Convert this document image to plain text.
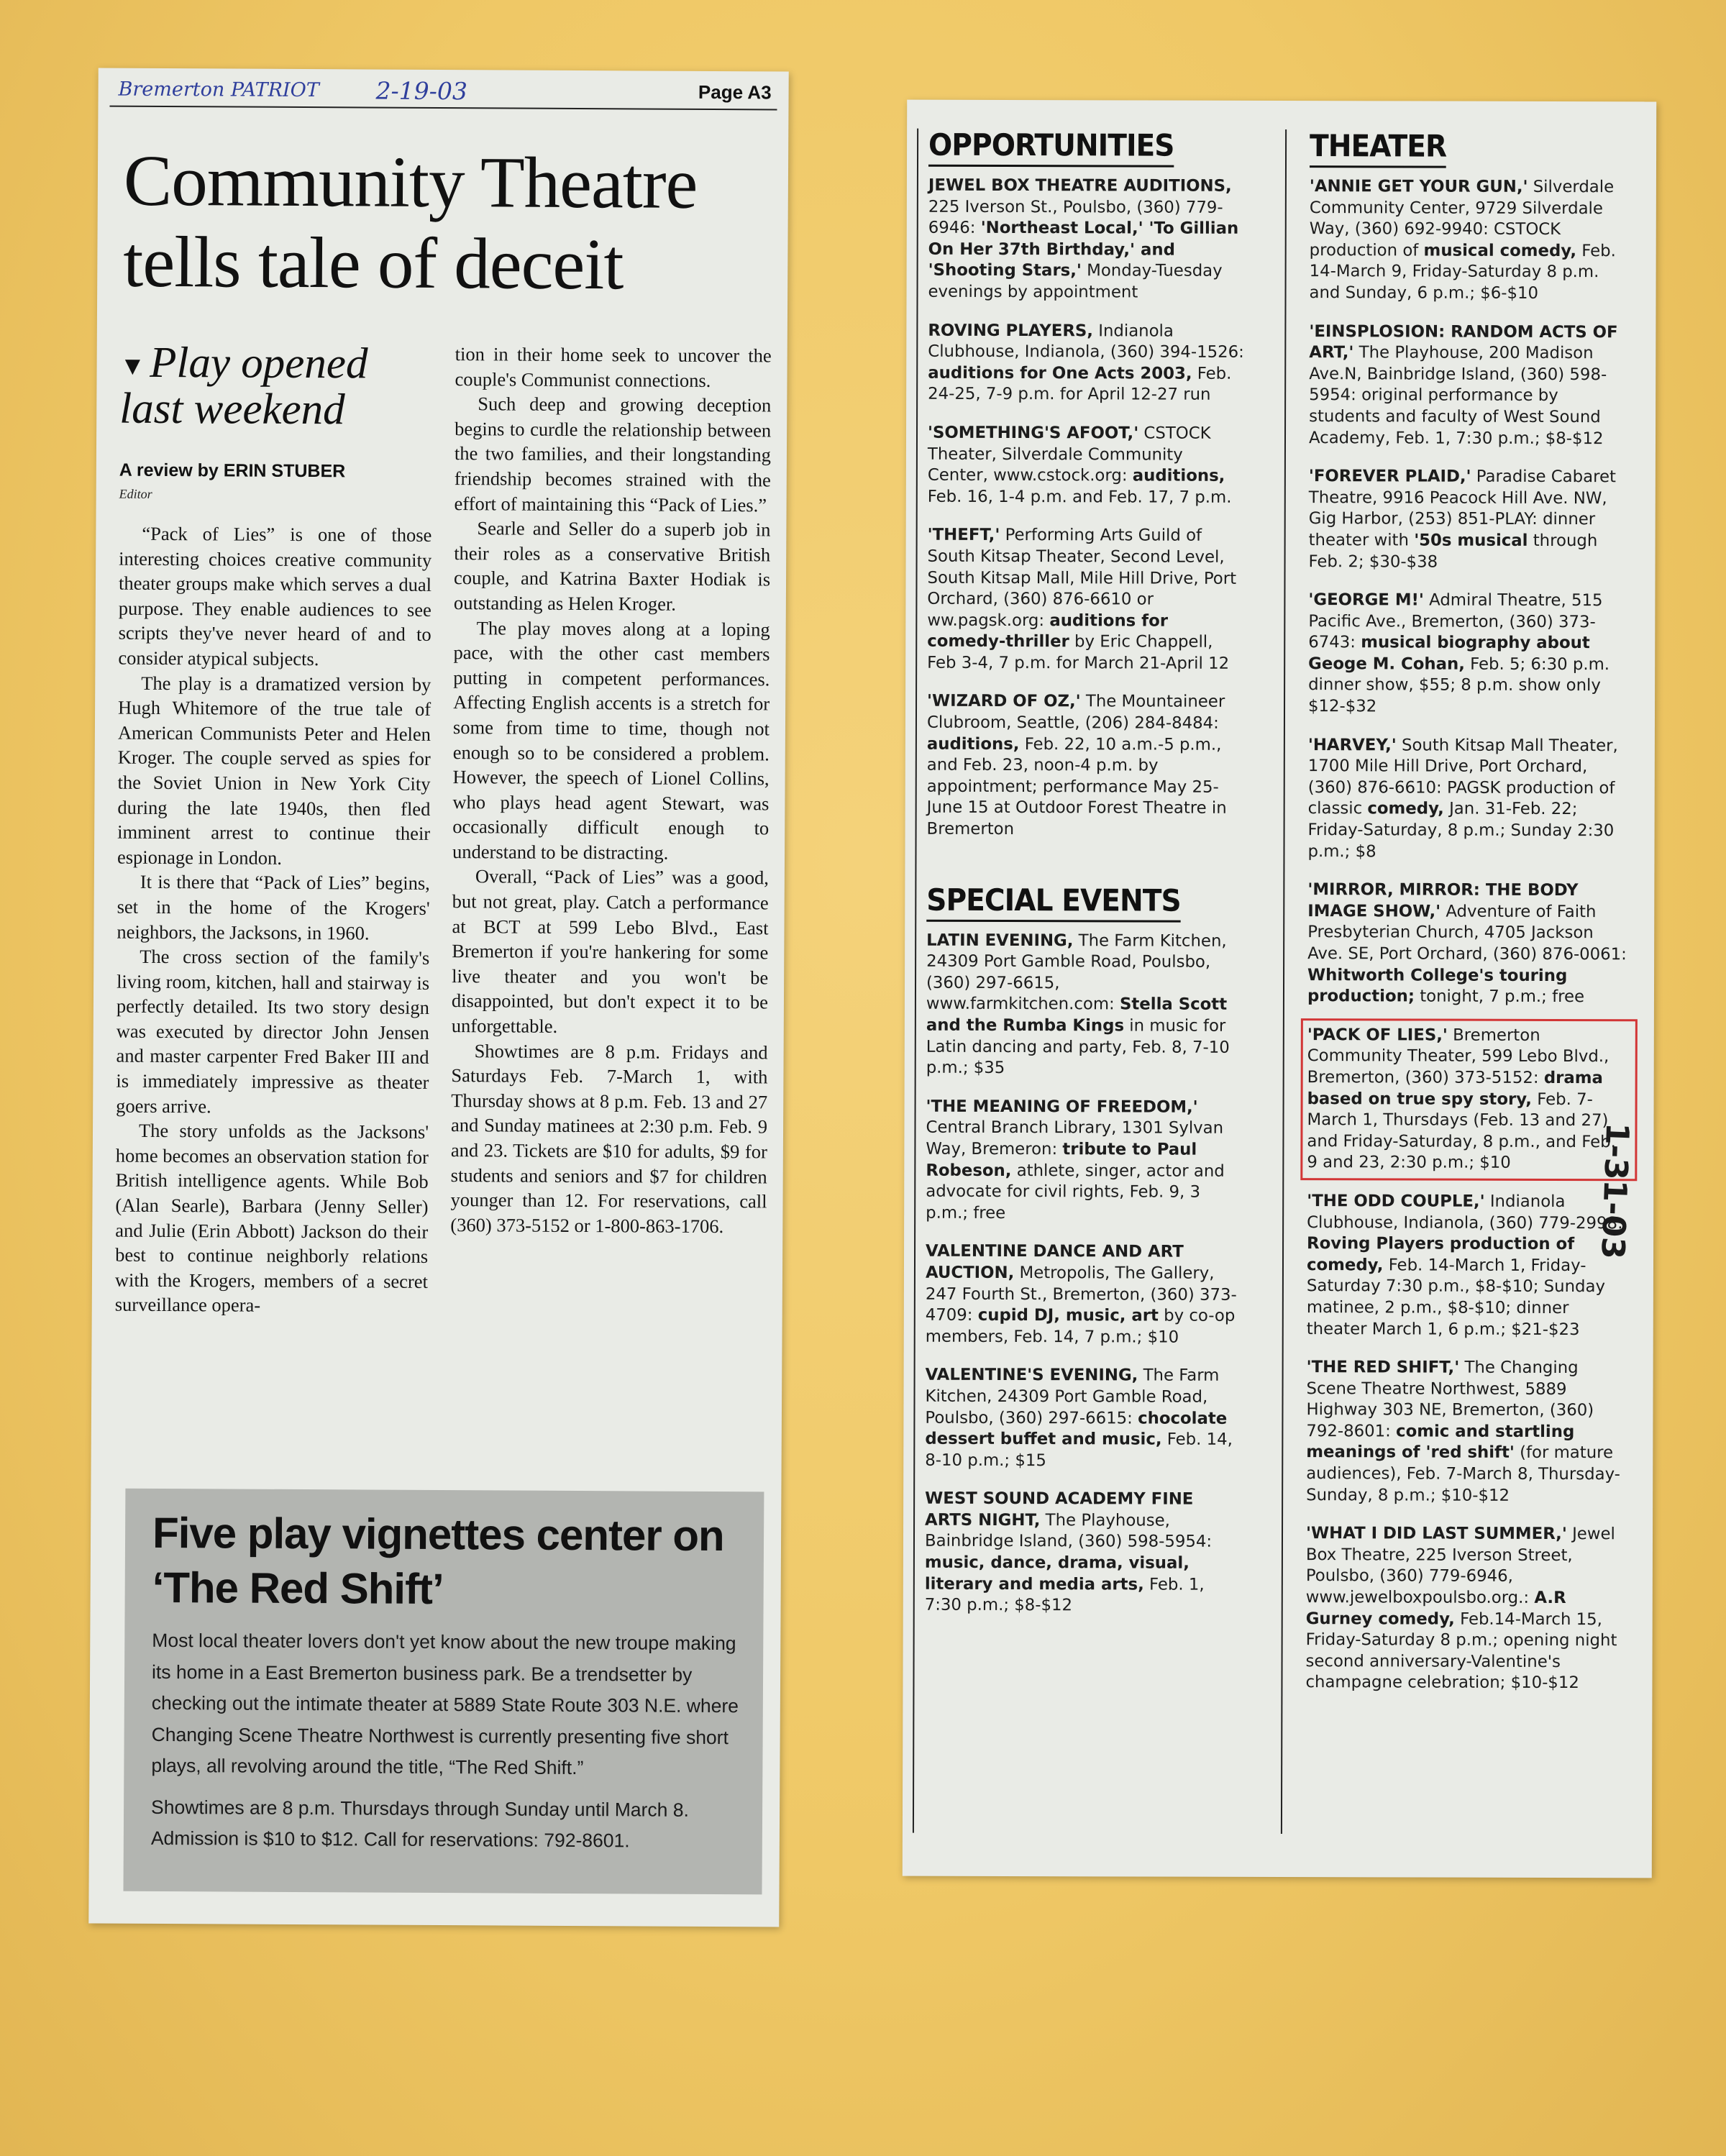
Bremerton PATRIOT 2-19-03	Page A3
Community Theatre tells tale of deceit
▼Play opened last weekend
A review by ERIN STUBER
Editor

“Pack of Lies” is one of those interesting choices creative community theater groups make which serves a dual purpose. They enable audiences to see scripts they've never heard of and to consider atypical subjects.

The play is a dramatized version by Hugh Whitemore of the true tale of American Communists Peter and Helen Kroger. The couple served as spies for the Soviet Union in New York City during the late 1940s, then fled imminent arrest to continue their espionage in London.

It is there that “Pack of Lies” begins, set in the home of the Krogers' neighbors, the Jacksons, in 1960.

The cross section of the family's living room, kitchen, hall and stairway is perfectly detailed. Its two story design was executed by director John Jensen and master carpenter Fred Baker III and is immediately impressive as theater goers arrive.

The story unfolds as the Jacksons' home becomes an observation station for British intelligence agents. While Bob (Alan Searle), Barbara (Jenny Seller) and Julie (Erin Abbott) Jackson do their best to continue neighborly relations with the Krogers, members of a secret surveillance opera-

tion in their home seek to uncover the couple's Communist connections.

Such deep and growing deception begins to curdle the relationship between the two families, and their longstanding friendship becomes strained with the effort of maintaining this “Pack of Lies.”

Searle and Seller do a superb job in their roles as a conservative British couple, and Katrina Baxter Hodiak is outstanding as Helen Kroger.

The play moves along at a loping pace, with the other cast members putting in competent performances. Affecting English accents is a stretch for some from time to time, though not enough so to be considered a problem. However, the speech of Lionel Collins, who plays head agent Stewart, was occasionally difficult enough to understand to be distracting.

Overall, “Pack of Lies” was a good, but not great, play. Catch a performance at BCT at 599 Lebo Blvd., East Bremerton if you're hankering for some live theater and you won't be disappointed, but don't expect it to be unforgettable.

Showtimes are 8 p.m. Fridays and Saturdays Feb. 7-March 1, with Thursday shows at 8 p.m. Feb. 13 and 27 and Sunday matinees at 2:30 p.m. Feb. 9 and 23. Tickets are $10 for adults, $9 for students and seniors and $7 for children younger than 12. For reservations, call (360) 373-5152 or 1-800-863-1706.

Five play vignettes center on ‘The Red Shift’

Most local theater lovers don't yet know about the new troupe making its home in a East Bremerton business park. Be a trendsetter by checking out the intimate theater at 5889 State Route 303 N.E. where Changing Scene Theatre Northwest is currently presenting five short plays, all revolving around the title, “The Red Shift.”

Showtimes are 8 p.m. Thursdays through Sunday until March 8. Admission is $10 to $12. Call for reservations: 792-8601.

OPPORTUNITIES
JEWEL BOX THEATRE AUDITIONS, 225 Iverson St., Poulsbo, (360) 779-6946: 'Northeast Local,' 'To Gillian On Her 37th Birthday,' and 'Shooting Stars,' Monday-Tuesday evenings by appointment
ROVING PLAYERS, Indianola Clubhouse, Indianola, (360) 394-1526: auditions for One Acts 2003, Feb. 24-25, 7-9 p.m. for April 12-27 run
'SOMETHING'S AFOOT,' CSTOCK Theater, Silverdale Community Center, www.cstock.org: auditions, Feb. 16, 1-4 p.m. and Feb. 17, 7 p.m.
'THEFT,' Performing Arts Guild of South Kitsap Theater, Second Level, South Kitsap Mall, Mile Hill Drive, Port Orchard, (360) 876-6610 or ww.pagsk.org: auditions for comedy-thriller by Eric Chappell, Feb 3-4, 7 p.m. for March 21-April 12
'WIZARD OF OZ,' The Mountaineer Clubroom, Seattle, (206) 284-8484: auditions, Feb. 22, 10 a.m.-5 p.m., and Feb. 23, noon-4 p.m. by appointment; performance May 25-June 15 at Outdoor Forest Theatre in Bremerton
SPECIAL EVENTS
LATIN EVENING, The Farm Kitchen, 24309 Port Gamble Road, Poulsbo, (360) 297-6615, www.farmkitchen.com: Stella Scott and the Rumba Kings in music for Latin dancing and party, Feb. 8, 7-10 p.m.; $35
'THE MEANING OF FREEDOM,' Central Branch Library, 1301 Sylvan Way, Bremeron: tribute to Paul Robeson, athlete, singer, actor and advocate for civil rights, Feb. 9, 3 p.m.; free
VALENTINE DANCE AND ART AUCTION, Metropolis, The Gallery, 247 Fourth St., Bremerton, (360) 373-4709: cupid DJ, music, art by co-op members, Feb. 14, 7 p.m.; $10
VALENTINE'S EVENING, The Farm Kitchen, 24309 Port Gamble Road, Poulsbo, (360) 297-6615: chocolate dessert buffet and music, Feb. 14, 8-10 p.m.; $15
WEST SOUND ACADEMY FINE ARTS NIGHT, The Playhouse, Bainbridge Island, (360) 598-5954: music, dance, drama, visual, literary and media arts, Feb. 1, 7:30 p.m.; $8-$12
THEATER
'ANNIE GET YOUR GUN,' Silverdale Community Center, 9729 Silverdale Way, (360) 692-9940: CSTOCK production of musical comedy, Feb. 14-March 9, Friday-Saturday 8 p.m. and Sunday, 6 p.m.; $6-$10
'EINSPLOSION: RANDOM ACTS OF ART,' The Playhouse, 200 Madison Ave.N, Bainbridge Island, (360) 598-5954: original performance by students and faculty of West Sound Academy, Feb. 1, 7:30 p.m.; $8-$12
'FOREVER PLAID,' Paradise Cabaret Theatre, 9916 Peacock Hill Ave. NW, Gig Harbor, (253) 851-PLAY: dinner theater with '50s musical through Feb. 2; $30-$38
'GEORGE M!' Admiral Theatre, 515 Pacific Ave., Bremerton, (360) 373-6743: musical biography about Geoge M. Cohan, Feb. 5; 6:30 p.m. dinner show, $55; 8 p.m. show only $12-$32
'HARVEY,' South Kitsap Mall Theater, 1700 Mile Hill Drive, Port Orchard, (360) 876-6610: PAGSK production of classic comedy, Jan. 31-Feb. 22; Friday-Saturday, 8 p.m.; Sunday 2:30 p.m.; $8
'MIRROR, MIRROR: THE BODY IMAGE SHOW,' Adventure of Faith Presbyterian Church, 4705 Jackson Ave. SE, Port Orchard, (360) 876-0061: Whitworth College's touring production; tonight, 7 p.m.; free
'PACK OF LIES,' Bremerton Community Theater, 599 Lebo Blvd., Bremerton, (360) 373-5152: drama based on true spy story, Feb. 7-March 1, Thursdays (Feb. 13 and 27) and Friday-Saturday, 8 p.m., and Feb. 9 and 23, 2:30 p.m.; $10
'THE ODD COUPLE,' Indianola Clubhouse, Indianola, (360) 779-2998: Roving Players production of comedy, Feb. 14-March 1, Friday-Saturday 7:30 p.m., $8-$10; Sunday matinee, 2 p.m., $8-$10; dinner theater March 1, 6 p.m.; $21-$23
'THE RED SHIFT,' The Changing Scene Theatre Northwest, 5889 Highway 303 NE, Bremerton, (360) 792-8601: comic and startling meanings of 'red shift' (for mature audiences), Feb. 7-March 8, Thursday-Sunday, 8 p.m.; $10-$12
'WHAT I DID LAST SUMMER,' Jewel Box Theatre, 225 Iverson Street, Poulsbo, (360) 779-6946, www.jewelboxpoulsbo.org.: A.R Gurney comedy, Feb.14-March 15, Friday-Saturday 8 p.m.; opening night second anniversary-Valentine's champagne celebration; $10-$12
1-31-03
